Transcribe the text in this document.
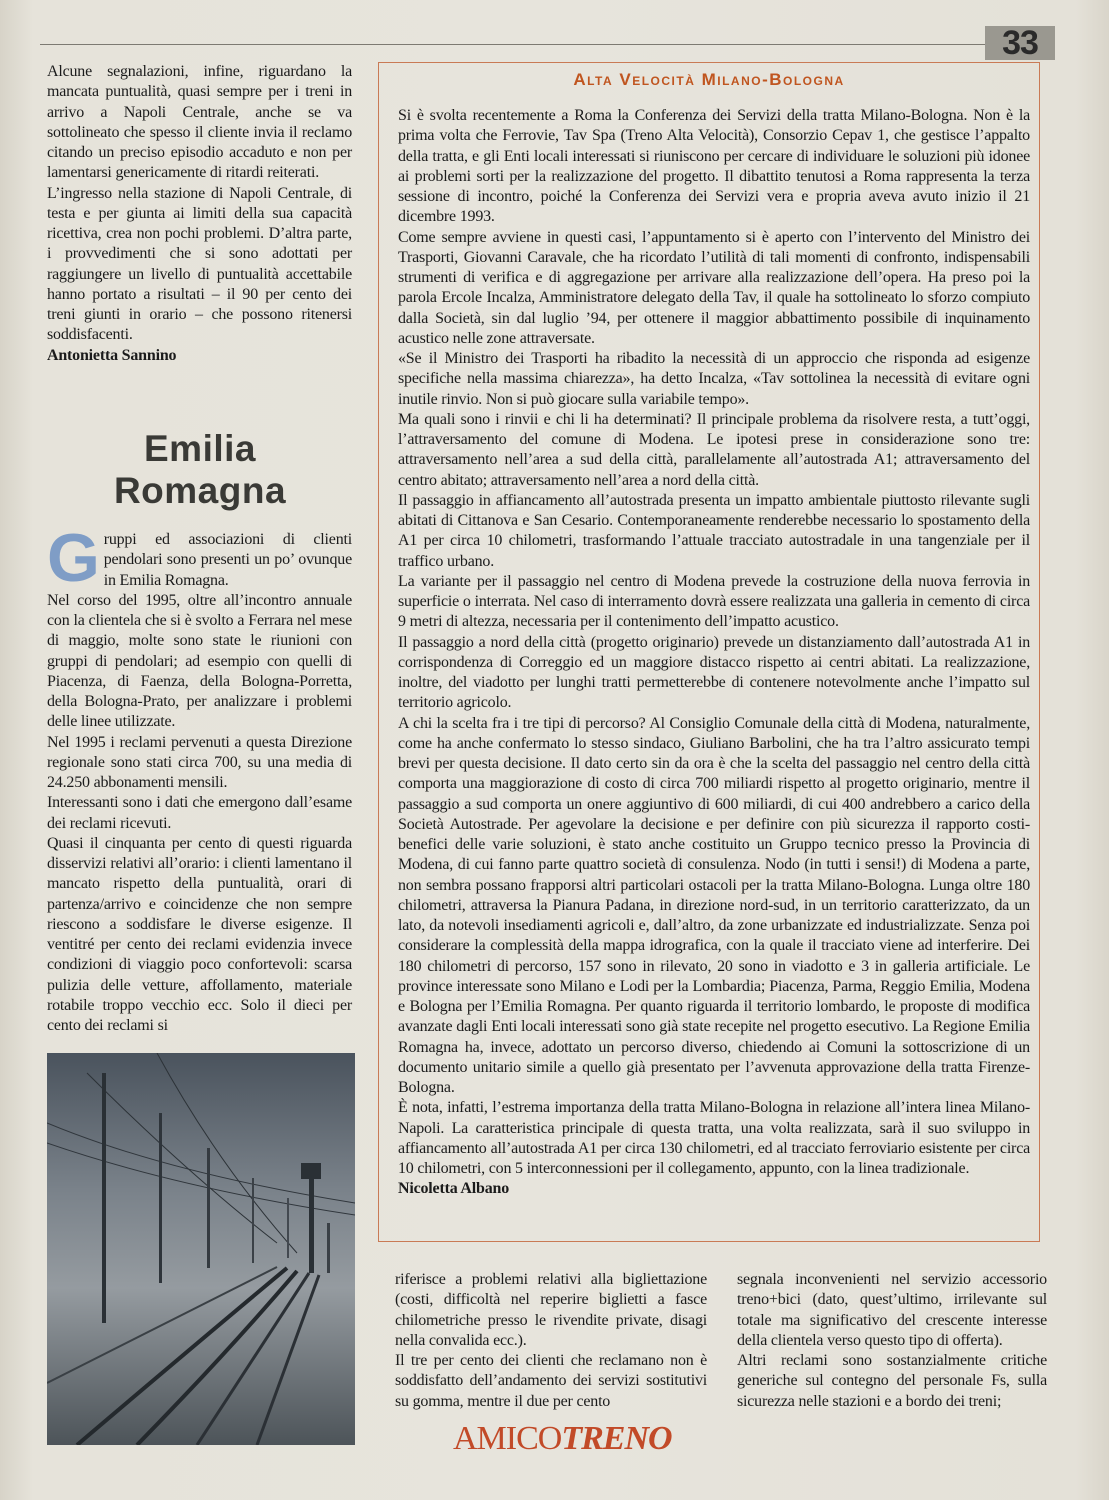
33

Alcune segnalazioni, infine, riguardano la mancata puntualità, quasi sempre per i treni in arrivo a Napoli Centrale, anche se va sottolineato che spesso il cliente invia il reclamo citando un preciso episodio accaduto e non per lamentarsi genericamente di ritardi reiterati.

L’ingresso nella stazione di Napoli Centrale, di testa e per giunta ai limiti della sua capacità ricettiva, crea non pochi problemi. D’altra parte, i provvedimenti che si sono adottati per raggiungere un livello di puntualità accettabile hanno portato a risultati – il 90 per cento dei treni giunti in orario – che possono ritenersi soddisfacenti.

Antonietta Sannino

Emilia
Romagna

Gruppi ed associazioni di clienti pendolari sono presenti un po’ ovunque in Emilia Romagna.

Nel corso del 1995, oltre all’incontro annuale con la clientela che si è svolto a Ferrara nel mese di maggio, molte sono state le riunioni con gruppi di pendolari; ad esempio con quelli di Piacenza, di Faenza, della Bologna-Porretta, della Bologna-Prato, per analizzare i problemi delle linee utilizzate.

Nel 1995 i reclami pervenuti a questa Direzione regionale sono stati circa 700, su una media di 24.250 abbonamenti mensili.

Interessanti sono i dati che emergono dall’esame dei reclami ricevuti.

Quasi il cinquanta per cento di questi riguarda disservizi relativi all’orario: i clienti lamentano il mancato rispetto della puntualità, orari di partenza/arrivo e coincidenze che non sempre riescono a soddisfare le diverse esigenze. Il ventitré per cento dei reclami evidenzia invece condizioni di viaggio poco confortevoli: scarsa pulizia delle vetture, affollamento, materiale rotabile troppo vecchio ecc. Solo il dieci per cento dei reclami si

Alta Velocità Milano-Bologna

Si è svolta recentemente a Roma la Conferenza dei Servizi della tratta Milano-Bologna. Non è la prima volta che Ferrovie, Tav Spa (Treno Alta Velocità), Consorzio Cepav 1, che gestisce l’appalto della tratta, e gli Enti locali interessati si riuniscono per cercare di individuare le soluzioni più idonee ai problemi sorti per la realizzazione del progetto. Il dibattito tenutosi a Roma rappresenta la terza sessione di incontro, poiché la Conferenza dei Servizi vera e propria aveva avuto inizio il 21 dicembre 1993.

Come sempre avviene in questi casi, l’appuntamento si è aperto con l’intervento del Ministro dei Trasporti, Giovanni Caravale, che ha ricordato l’utilità di tali momenti di confronto, indispensabili strumenti di verifica e di aggregazione per arrivare alla realizzazione dell’opera. Ha preso poi la parola Ercole Incalza, Amministratore delegato della Tav, il quale ha sottolineato lo sforzo compiuto dalla Società, sin dal luglio ’94, per ottenere il maggior abbattimento possibile di inquinamento acustico nelle zone attraversate.

«Se il Ministro dei Trasporti ha ribadito la necessità di un approccio che risponda ad esigenze specifiche nella massima chiarezza», ha detto Incalza, «Tav sottolinea la necessità di evitare ogni inutile rinvio. Non si può giocare sulla variabile tempo».

Ma quali sono i rinvii e chi li ha determinati? Il principale problema da risolvere resta, a tutt’oggi, l’attraversamento del comune di Modena. Le ipotesi prese in considerazione sono tre: attraversamento nell’area a sud della città, parallelamente all’autostrada A1; attraversamento del centro abitato; attraversamento nell’area a nord della città.

Il passaggio in affiancamento all’autostrada presenta un impatto ambientale piuttosto rilevante sugli abitati di Cittanova e San Cesario. Contemporaneamente renderebbe necessario lo spostamento della A1 per circa 10 chilometri, trasformando l’attuale tracciato autostradale in una tangenziale per il traffico urbano.

La variante per il passaggio nel centro di Modena prevede la costruzione della nuova ferrovia in superficie o interrata. Nel caso di interramento dovrà essere realizzata una galleria in cemento di circa 9 metri di altezza, necessaria per il contenimento dell’impatto acustico.

Il passaggio a nord della città (progetto originario) prevede un distanziamento dall’autostrada A1 in corrispondenza di Correggio ed un maggiore distacco rispetto ai centri abitati. La realizzazione, inoltre, del viadotto per lunghi tratti permetterebbe di contenere notevolmente anche l’impatto sul territorio agricolo.

A chi la scelta fra i tre tipi di percorso? Al Consiglio Comunale della città di Modena, naturalmente, come ha anche confermato lo stesso sindaco, Giuliano Barbolini, che ha tra l’altro assicurato tempi brevi per questa decisione. Il dato certo sin da ora è che la scelta del passaggio nel centro della città comporta una maggiorazione di costo di circa 700 miliardi rispetto al progetto originario, mentre il passaggio a sud comporta un onere aggiuntivo di 600 miliardi, di cui 400 andrebbero a carico della Società Autostrade. Per agevolare la decisione e per definire con più sicurezza il rapporto costi-benefici delle varie soluzioni, è stato anche costituito un Gruppo tecnico presso la Provincia di Modena, di cui fanno parte quattro società di consulenza. Nodo (in tutti i sensi!) di Modena a parte, non sembra possano frapporsi altri particolari ostacoli per la tratta Milano-Bologna. Lunga oltre 180 chilometri, attraversa la Pianura Padana, in direzione nord-sud, in un territorio caratterizzato, da un lato, da notevoli insediamenti agricoli e, dall’altro, da zone urbanizzate ed industrializzate. Senza poi considerare la complessità della mappa idrografica, con la quale il tracciato viene ad interferire. Dei 180 chilometri di percorso, 157 sono in rilevato, 20 sono in viadotto e 3 in galleria artificiale. Le province interessate sono Milano e Lodi per la Lombardia; Piacenza, Parma, Reggio Emilia, Modena e Bologna per l’Emilia Romagna. Per quanto riguarda il territorio lombardo, le proposte di modifica avanzate dagli Enti locali interessati sono già state recepite nel progetto esecutivo. La Regione Emilia Romagna ha, invece, adottato un percorso diverso, chiedendo ai Comuni la sottoscrizione di un documento unitario simile a quello già presentato per l’avvenuta approvazione della tratta Firenze-Bologna.

È nota, infatti, l’estrema importanza della tratta Milano-Bologna in relazione all’intera linea Milano-Napoli. La caratteristica principale di questa tratta, una volta realizzata, sarà il suo sviluppo in affiancamento all’autostrada A1 per circa 130 chilometri, ed al tracciato ferroviario esistente per circa 10 chilometri, con 5 interconnessioni per il collegamento, appunto, con la linea tradizionale.

Nicoletta Albano

riferisce a problemi relativi alla bigliettazione (costi, difficoltà nel reperire biglietti a fasce chilometriche presso le rivendite private, disagi nella convalida ecc.).

Il tre per cento dei clienti che reclamano non è soddisfatto dell’andamento dei servizi sostitutivi su gomma, mentre il due per cento

segnala inconvenienti nel servizio accessorio treno+bici (dato, quest’ultimo, irrilevante sul totale ma significativo del crescente interesse della clientela verso questo tipo di offerta).

Altri reclami sono sostanzialmente critiche generiche sul contegno del personale Fs, sulla sicurezza nelle stazioni e a bordo dei treni;

AMICOTRENO
